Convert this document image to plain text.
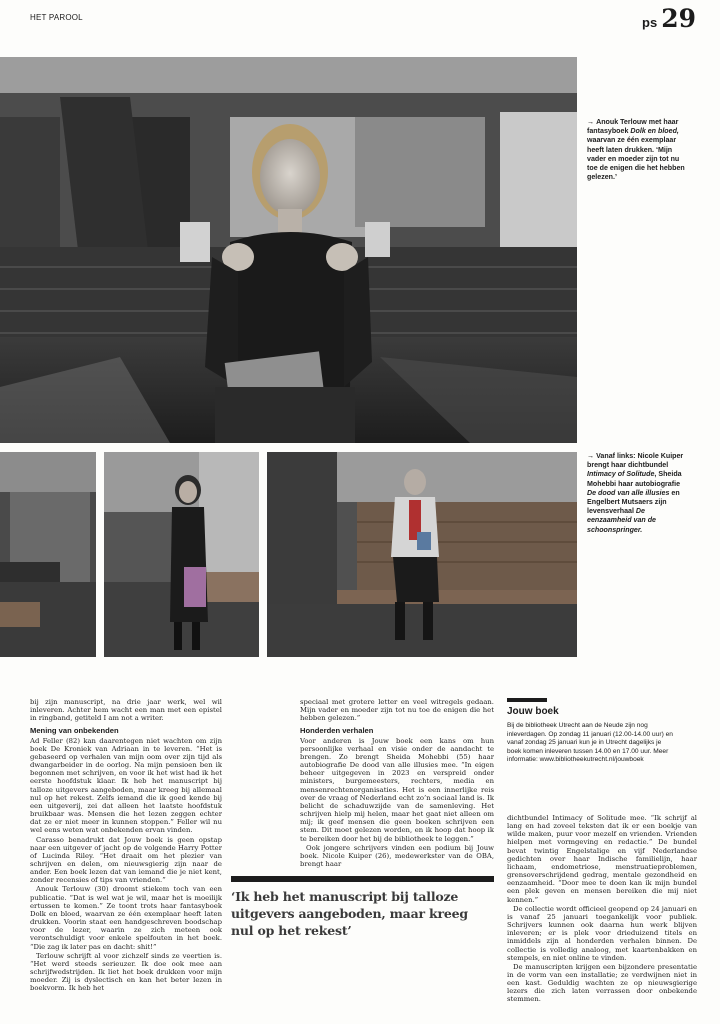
HET PAROOL	ps 29
→ Anouk Terlouw met haar fantasyboek Dolk en bloed, waarvan ze één exemplaar heeft laten drukken. ‘Mijn vader en moeder zijn tot nu toe de enigen die het hebben gelezen.’
→ Vanaf links: Nicole Kuiper brengt haar dichtbundel Intimacy of Solitude, Sheida Mohebbi haar autobiografie De dood van alle illusies en Engelbert Mutsaers zijn levensverhaal De eenzaamheid van de schoonspringer.

bij zijn manuscript, na drie jaar werk, wel wil inleveren. Achter hem wacht een man met een epistel in ringband, getiteld I am not a writer.

Mening van onbekenden

Ad Feller (82) kan daarentegen niet wachten om zijn boek De Kroniek van Adriaan in te leveren. “Het is gebaseerd op verhalen van mijn oom over zijn tijd als dwangarbeider in de oorlog. Na mijn pensioen ben ik begonnen met schrijven, en voor ik het wist had ik het eerste hoofdstuk klaar. Ik heb het manuscript bij talloze uitgevers aangeboden, maar kreeg bij allemaal nul op het rekest. Zelfs iemand die ik goed kende bij een uitgeverij, zei dat alleen het laatste hoofdstuk bruikbaar was. Mensen die het lezen zeggen echter dat ze er niet meer in kunnen stoppen.” Feller wil nu wel eens weten wat onbekenden ervan vinden.

Carasso benadrukt dat Jouw boek is geen opstap naar een uitgever of jacht op de volgende Harry Potter of Lucinda Riley. “Het draait om het plezier van schrijven en delen, om nieuwsgierig zijn naar de ander. Een boek lezen dat van iemand die je niet kent, zonder recensies of tips van vrienden.”

Anouk Terlouw (30) droomt stiekem toch van een publicatie. “Dat is wel wat je wil, maar het is moeilijk ertussen te komen.” Ze toont trots haar fantasyboek Dolk en bloed, waarvan ze één exemplaar heeft laten drukken. Voorin staat een handgeschreven boodschap voor de lezer, waarin ze zich meteen ook verontschuldigt voor enkele spelfouten in het boek. “Die zag ik later pas en dacht: shit!”

Terlouw schrijft al voor zichzelf sinds ze veertien is. “Het werd steeds serieuzer. Ik doe ook mee aan schrijfwedstrijden. Ik liet het boek drukken voor mijn moeder. Zij is dyslectisch en kan het beter lezen in boekvorm. Ik heb het

speciaal met grotere letter en veel witregels gedaan. Mijn vader en moeder zijn tot nu toe de enigen die het hebben gelezen.”

Honderden verhalen

Voor anderen is Jouw boek een kans om hun persoonlijke verhaal en visie onder de aandacht te brengen. Zo brengt Sheida Mohebbi (55) haar autobiografie De dood van alle illusies mee. “In eigen beheer uitgegeven in 2023 en verspreid onder ministers, burgemeesters, rechters, media en mensenrechtenorganisaties. Het is een innerlijke reis over de vraag of Nederland echt zo’n sociaal land is. Ik belicht de schaduwzijde van de samenleving. Het schrijven hielp mij helen, maar het gaat niet alleen om mij; ik geef mensen die geen boeken schrijven een stem. Dit moet gelezen worden, en ik hoop dat hoop ik te bereiken door het bij de bibliotheek te leggen.”

Ook jongere schrijvers vinden een podium bij Jouw boek. Nicole Kuiper (26), medewerkster van de OBA, brengt haar

‘Ik heb het manuscript bij talloze uitgevers aangeboden, maar kreeg nul op het rekest’

dichtbundel Intimacy of Solitude mee. “Ik schrijf al lang en had zoveel teksten dat ik er een boekje van wilde maken, puur voor mezelf en vrienden. Vrienden hielpen met vormgeving en redactie.” De bundel bevat twintig Engelstalige en vijf Nederlandse gedichten over haar Indische familielijn, haar lichaam, endometriose, menstruatieproblemen, grensoverschrijdend gedrag, mentale gezondheid en eenzaamheid. “Door mee te doen kan ik mijn bundel een plek geven en mensen bereiken die mij niet kennen.”

De collectie wordt officieel geopend op 24 januari en is vanaf 25 januari toegankelijk voor publiek. Schrijvers kunnen ook daarna hun werk blijven inleveren; er is plek voor drieduizend titels en inmiddels zijn al honderden verhalen binnen. De collectie is volledig analoog, met kaartenbakken en stempels, en niet online te vinden.

De manuscripten krijgen een bijzondere presentatie in de vorm van een installatie; ze verdwijnen niet in een kast. Geduldig wachten ze op nieuwsgierige lezers die zich laten verrassen door onbekende stemmen.

Jouw boek
Bij de bibliotheek Utrecht aan de Neude zijn nog inleverdagen. Op zondag 11 januari (12.00-14.00 uur) en vanaf zondag 25 januari kun je in Utrecht dagelijks je boek komen inleveren tussen 14.00 en 17.00 uur. Meer informatie: www.bibliotheekutrecht.nl/jouwboek
